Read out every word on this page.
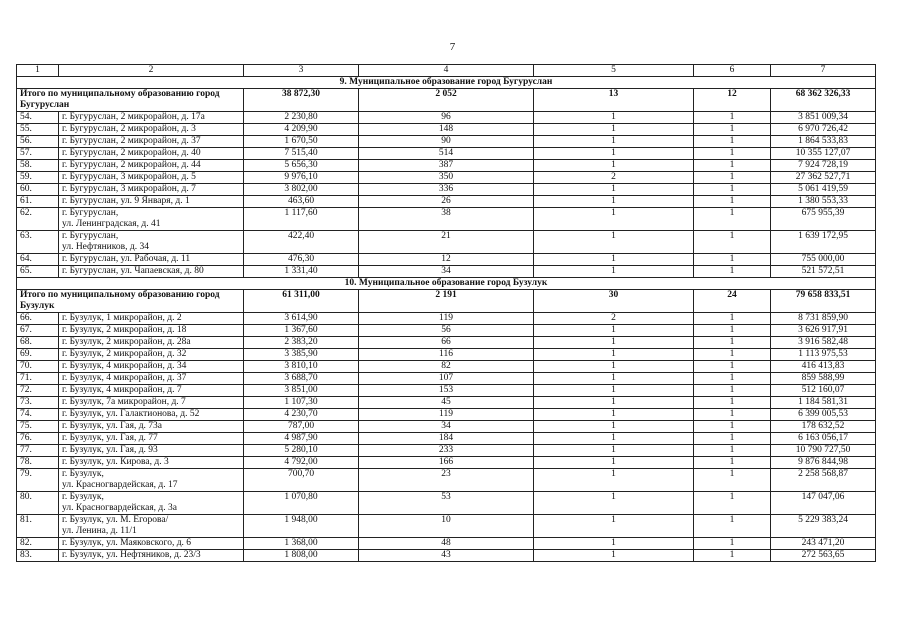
7
1	2	3	4	5	6	7
9. Муниципальное образование город Бугуруслан						
Итого по муниципальному образованию город Бугуруслан		38 872,30	2 052	13	12	68 362 326,33
54.	г. Бугуруслан, 2 микрорайон, д. 17а	2 230,80	96	1	1	3 851 009,34
55.	г. Бугуруслан, 2 микрорайон, д. 3	4 209,90	148	1	1	6 970 726,42
56.	г. Бугуруслан, 2 микрорайон, д. 37	1 670,50	90	1	1	1 864 533,83
57.	г. Бугуруслан, 2 микрорайон, д. 40	7 515,40	514	1	1	10 355 127,07
58.	г. Бугуруслан, 2 микрорайон, д. 44	5 656,30	387	1	1	7 924 728,19
59.	г. Бугуруслан, 3 микрорайон, д. 5	9 976,10	350	2	1	27 362 527,71
60.	г. Бугуруслан, 3 микрорайон, д. 7	3 802,00	336	1	1	5 061 419,59
61.	г. Бугуруслан, ул. 9 Января, д. 1	463,60	26	1	1	1 380 553,33
62.	г. Бугуруслан,
ул. Ленинградская, д. 41	1 117,60	38	1	1	675 955,39
63.	г. Бугуруслан,
ул. Нефтяников, д. 34	422,40	21	1	1	1 639 172,95
64.	г. Бугуруслан, ул. Рабочая, д. 11	476,30	12	1	1	755 000,00
65.	г. Бугуруслан, ул. Чапаевская, д. 80	1 331,40	34	1	1	521 572,51
10. Муниципальное образование город Бузулук						
Итого по муниципальному образованию город Бузулук		61 311,00	2 191	30	24	79 658 833,51
66.	г. Бузулук, 1 микрорайон, д. 2	3 614,90	119	2	1	8 731 859,90
67.	г. Бузулук, 2 микрорайон, д. 18	1 367,60	56	1	1	3 626 917,91
68.	г. Бузулук, 2 микрорайон, д. 28а	2 383,20	66	1	1	3 916 582,48
69.	г. Бузулук, 2 микрорайон, д. 32	3 385,90	116	1	1	1 113 975,53
70.	г. Бузулук, 4 микрорайон, д. 34	3 810,10	82	1	1	416 413,83
71.	г. Бузулук, 4 микрорайон, д. 37	3 688,70	107	1	1	859 588,99
72.	г. Бузулук, 4 микрорайон, д. 7	3 851,00	153	1	1	512 160,07
73.	г. Бузулук, 7а микрорайон, д. 7	1 107,30	45	1	1	1 184 581,31
74.	г. Бузулук, ул. Галактионова, д. 52	4 230,70	119	1	1	6 399 005,53
75.	г. Бузулук, ул. Гая, д. 73а	787,00	34	1	1	178 632,52
76.	г. Бузулук, ул. Гая, д. 77	4 987,90	184	1	1	6 163 056,17
77.	г. Бузулук, ул. Гая, д. 93	5 280,10	233	1	1	10 790 727,50
78.	г. Бузулук, ул. Кирова, д. 3	4 792,00	166	1	1	9 876 844,98
79.	г. Бузулук,
ул. Красногвардейская, д. 17	700,70	23	1	1	2 258 568,87
80.	г. Бузулук,
ул. Красногвардейская, д. 3а	1 070,80	53	1	1	147 047,06
81.	г. Бузулук, ул. М. Егорова/
ул. Ленина, д. 11/1	1 948,00	10	1	1	5 229 383,24
82.	г. Бузулук, ул. Маяковского, д. 6	1 368,00	48	1	1	243 471,20
83.	г. Бузулук, ул. Нефтяников, д. 23/3	1 808,00	43	1	1	272 563,65
